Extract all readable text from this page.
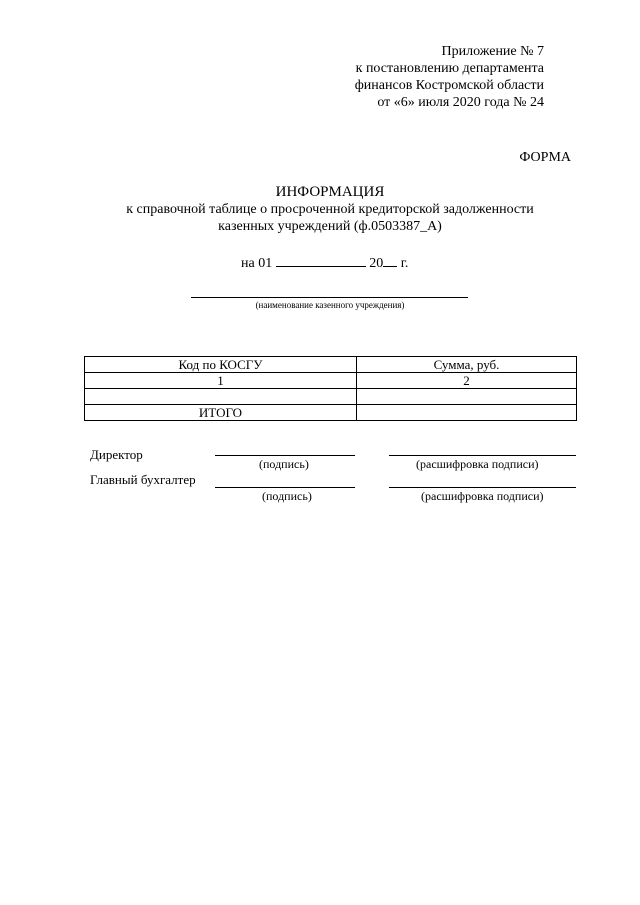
Приложение № 7
к постановлению департамента
финансов Костромской области
от «6» июля 2020 года № 24
ФОРМА
ИНФОРМАЦИЯ
к справочной таблице о просроченной кредиторской задолженности
казенных учреждений (ф.0503387_А)
на 01	20 г.
(наименование казенного учреждения)
Код по КОСГУ	Сумма, руб.
1	2

ИТОГО	
Директор
(подпись)	(расшифровка подписи)
Главный бухгалтер
(подпись)	(расшифровка подписи)
